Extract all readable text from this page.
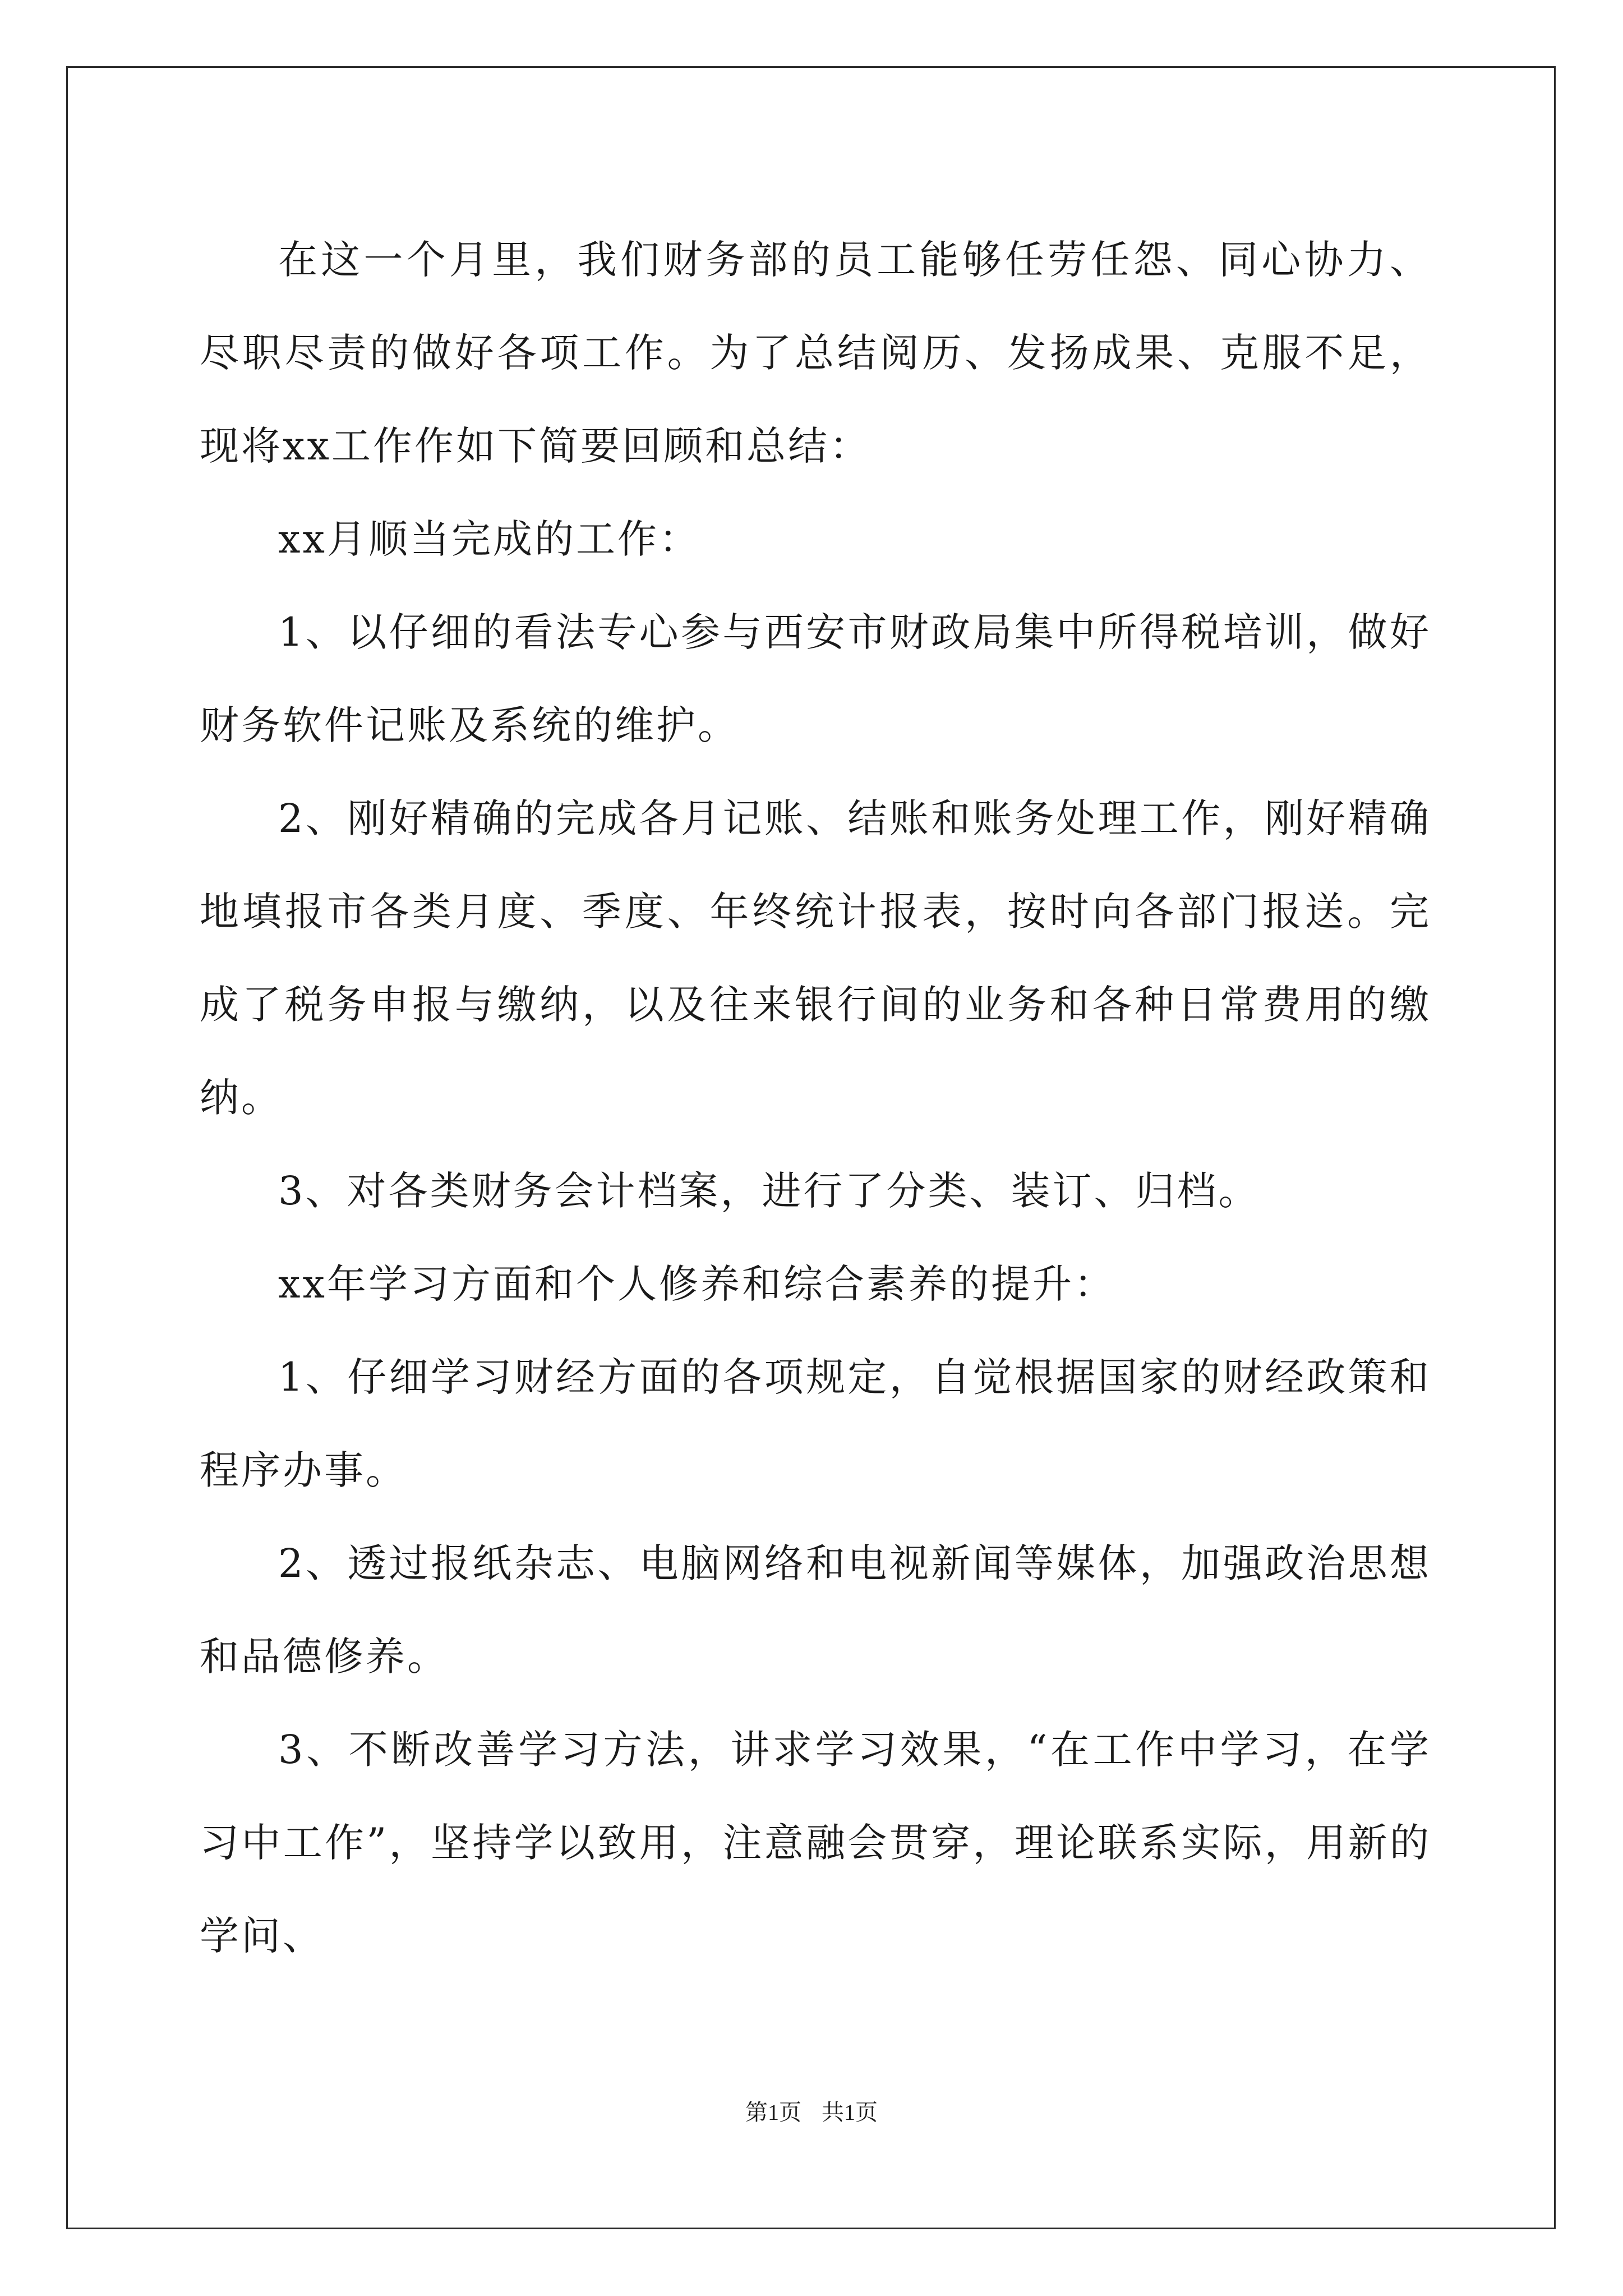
在这一个月里，我们财务部的员工能够任劳任怨、同心协力、尽职尽责的做好各项工作。为了总结阅历、发扬成果、克服不足，现将xx工作作如下简要回顾和总结：

xx月顺当完成的工作：

1、以仔细的看法专心参与西安市财政局集中所得税培训，做好财务软件记账及系统的维护。

2、刚好精确的完成各月记账、结账和账务处理工作，刚好精确地填报市各类月度、季度、年终统计报表，按时向各部门报送。完成了税务申报与缴纳，以及往来银行间的业务和各种日常费用的缴纳。

3、对各类财务会计档案，进行了分类、装订、归档。

xx年学习方面和个人修养和综合素养的提升：

1、仔细学习财经方面的各项规定，自觉根据国家的财经政策和程序办事。

2、透过报纸杂志、电脑网络和电视新闻等媒体，加强政治思想和品德修养。

3、不断改善学习方法，讲求学习效果，“在工作中学习，在学习中工作”，坚持学以致用，注意融会贯穿，理论联系实际，用新的学问、

第1页 共1页
